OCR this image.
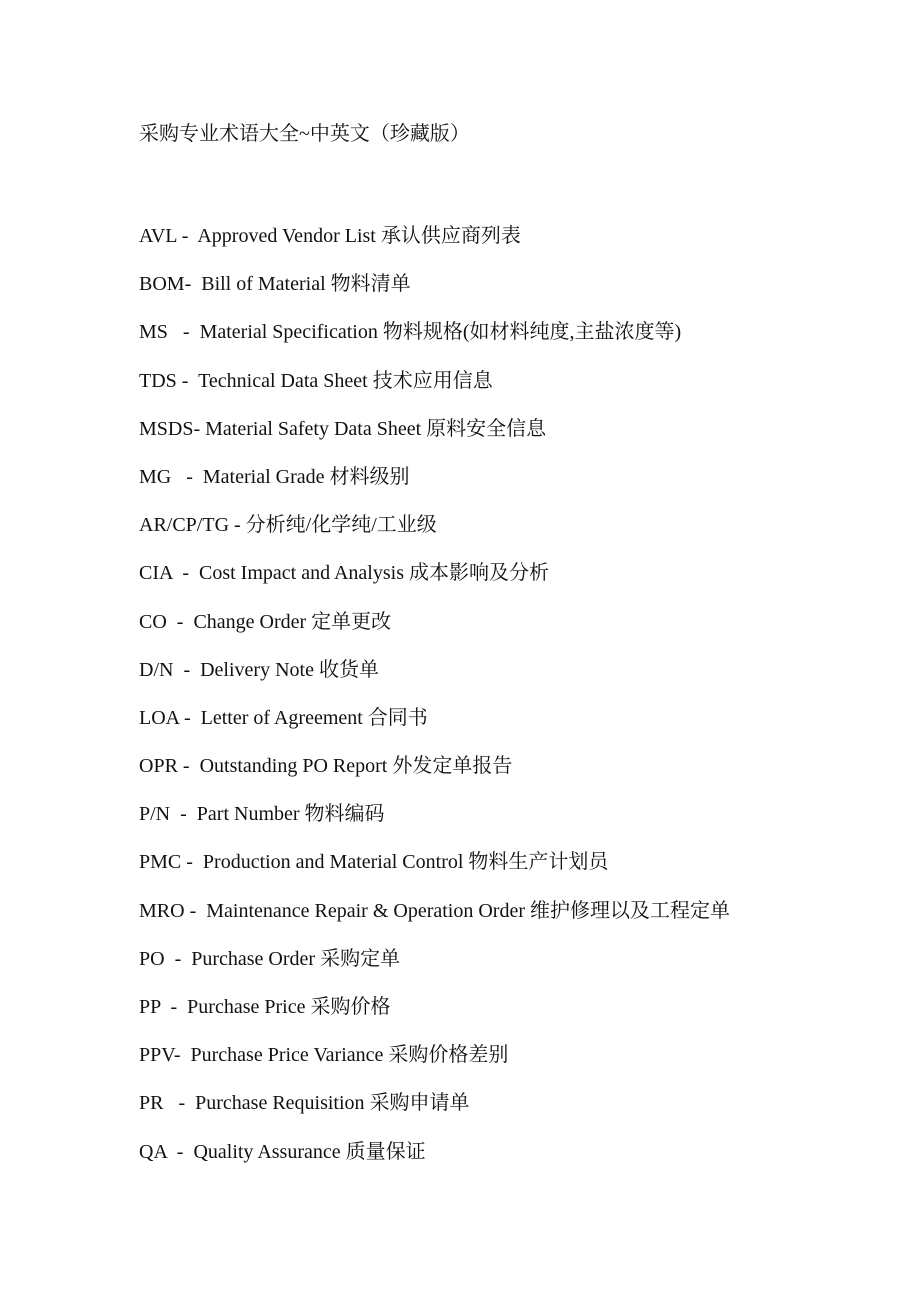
采购专业术语大全~中英文（珍藏版）
AVL -  Approved Vendor List 承认供应商列表
BOM-  Bill of Material 物料清单
MS   -  Material Specification 物料规格(如材料纯度,主盐浓度等)
TDS -  Technical Data Sheet 技术应用信息
MSDS- Material Safety Data Sheet 原料安全信息
MG   -  Material Grade 材料级别
AR/CP/TG - 分析纯/化学纯/工业级
CIA  -  Cost Impact and Analysis 成本影响及分析
CO  -  Change Order 定单更改
D/N  -  Delivery Note 收货单
LOA -  Letter of Agreement 合同书
OPR -  Outstanding PO Report 外发定单报告
P/N  -  Part Number 物料编码
PMC -  Production and Material Control 物料生产计划员
MRO -  Maintenance Repair & Operation Order 维护修理以及工程定单
PO  -  Purchase Order 采购定单
PP  -  Purchase Price 采购价格
PPV-  Purchase Price Variance 采购价格差别
PR   -  Purchase Requisition 采购申请单
QA  -  Quality Assurance 质量保证
